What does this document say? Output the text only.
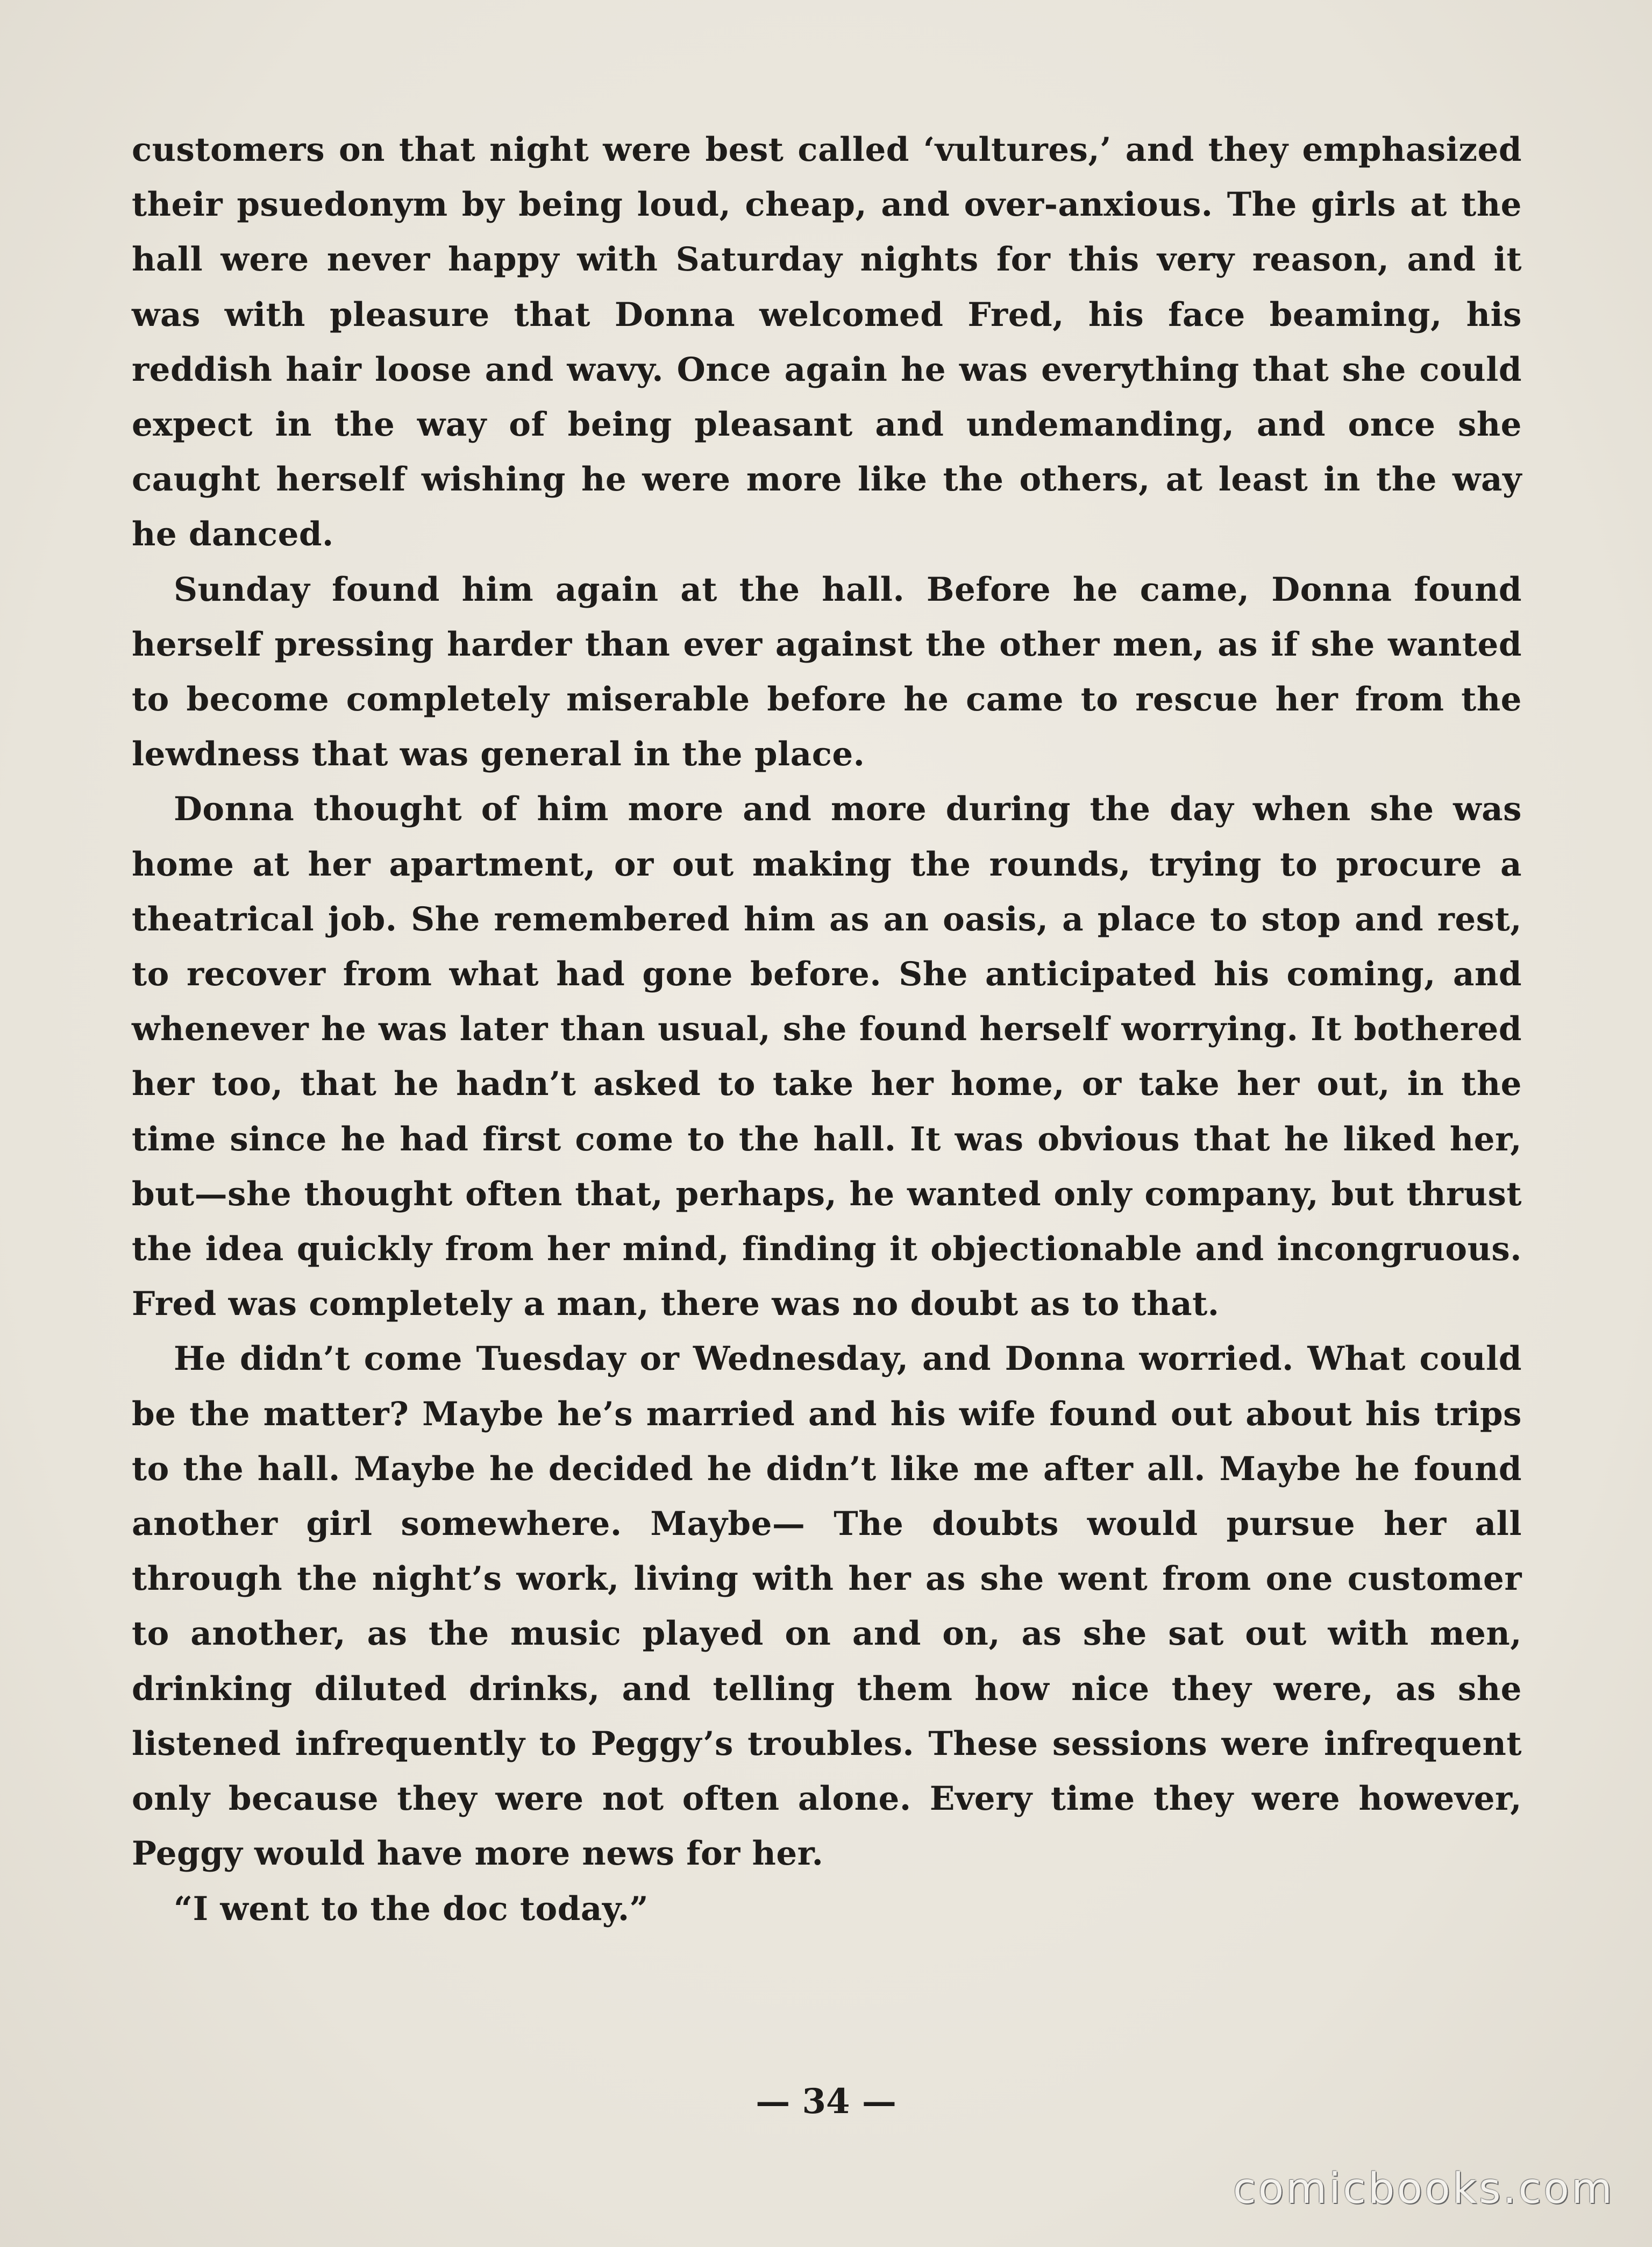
customers on that night were best called ‘vultures,’ and they emphasized their psuedonym by being loud, cheap, and over-anxious. The girls at the hall were never happy with Saturday nights for this very reason, and it was with pleasure that Donna welcomed Fred, his face beaming, his reddish hair loose and wavy. Once again he was everything that she could expect in the way of being pleasant and undemanding, and once she caught herself wishing he were more like the others, at least in the way he danced.

Sunday found him again at the hall. Before he came, Donna found herself pressing harder than ever against the other men, as if she wanted to become completely miserable before he came to rescue her from the lewdness that was general in the place.

Donna thought of him more and more during the day when she was home at her apartment, or out making the rounds, trying to procure a theatrical job. She remembered him as an oasis, a place to stop and rest, to recover from what had gone before. She anticipated his coming, and whenever he was later than usual, she found herself worrying. It bothered her too, that he hadn’t asked to take her home, or take her out, in the time since he had first come to the hall. It was obvious that he liked her, but—she thought often that, perhaps, he wanted only company, but thrust the idea quickly from her mind, finding it objectionable and incongruous. Fred was completely a man, there was no doubt as to that.

He didn’t come Tuesday or Wednesday, and Donna worried. What could be the matter? Maybe he’s married and his wife found out about his trips to the hall. Maybe he decided he didn’t like me after all. Maybe he found another girl somewhere. Maybe— The doubts would pursue her all through the night’s work, living with her as she went from one customer to another, as the music played on and on, as she sat out with men, drinking diluted drinks, and telling them how nice they were, as she listened infrequently to Peggy’s troubles. These sessions were infrequent only because they were not often alone. Every time they were however, Peggy would have more news for her.

“I went to the doc today.”

— 34 —
comicbooks.com
